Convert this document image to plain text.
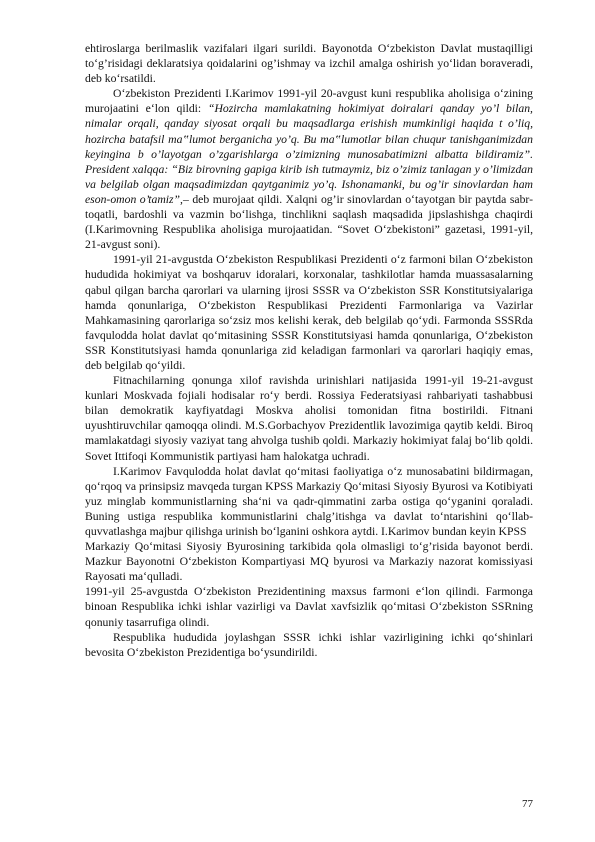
ehtiroslarga berilmaslik vazifalari ilgari surildi. Bayonotda O‘zbekiston Davlat mustaqilligi to‘g’risidagi deklaratsiya qoidalarini og’ishmay va izchil amalga oshirish yo‘lidan boraveradi, deb ko‘rsatildi.

O‘zbekiston Prezidenti I.Karimov 1991-yil 20-avgust kuni respublika aholisiga o‘zining murojaatini e‘lon qildi: “Hozircha mamlakatning hokimiyat doiralari qanday yo’l bilan, nimalar orqali, qanday siyosat orqali bu maqsadlarga erishish mumkinligi haqida t o’liq, hozircha batafsil ma‟lumot berganicha yo’q. Bu ma‟lumotlar bilan chuqur tanishganimizdan keyingina b o’layotgan o’zgarishlarga o’zimizning munosabatimizni albatta bildiramiz”. President xalqqa: “Biz birovning gapiga kirib ish tutmaymiz, biz o’zimiz tanlagan y o’limizdan va belgilab olgan maqsadimizdan qaytganimiz yo’q. Ishonamanki, bu og’ir sinovlardan ham eson-omon o’tamiz”,– deb murojaat qildi. Xalqni og’ir sinovlardan o‘tayotgan bir paytda sabr-toqatli, bardoshli va vazmin bo‘lishga, tinchlikni saqlash maqsadida jipslashishga chaqirdi (I.Karimovning Respublika aholisiga murojaatidan. “Sovet O‘zbekistoni” gazetasi, 1991-yil, 21-avgust soni).

1991-yil 21-avgustda O‘zbekiston Respublikasi Prezidenti o‘z farmoni bilan O‘zbekiston hududida hokimiyat va boshqaruv idoralari, korxonalar, tashkilotlar hamda muassasalarning qabul qilgan barcha qarorlari va ularning ijrosi SSSR va O‘zbekiston SSR Konstitutsiyalariga hamda qonunlariga, O‘zbekiston Respublikasi Prezidenti Farmonlariga va Vazirlar Mahkamasining qarorlariga so‘zsiz mos kelishi kerak, deb belgilab qo‘ydi. Farmonda SSSRda favqulodda holat davlat qo‘mitasining SSSR Konstitutsiyasi hamda qonunlariga, O‘zbekiston SSR Konstitutsiyasi hamda qonunlariga zid keladigan farmonlari va qarorlari haqiqiy emas, deb belgilab qo‘yildi.

Fitnachilarning qonunga xilof ravishda urinishlari natijasida 1991-yil 19-21-avgust kunlari Moskvada fojiali hodisalar ro‘y berdi. Rossiya Federatsiyasi rahbariyati tashabbusi bilan demokratik kayfiyatdagi Moskva aholisi tomonidan fitna bostirildi. Fitnani uyushtiruvchilar qamoqqa olindi. M.S.Gorbachyov Prezidentlik lavozimiga qaytib keldi. Biroq mamlakatdagi siyosiy vaziyat tang ahvolga tushib qoldi. Markaziy hokimiyat falaj bo‘lib qoldi. Sovet Ittifoqi Kommunistik partiyasi ham halokatga uchradi.

I.Karimov Favqulodda holat davlat qo‘mitasi faoliyatiga o‘z munosabatini bildirmagan, qo‘rqoq va prinsipsiz mavqeda turgan KPSS Markaziy Qo‘mitasi Siyosiy Byurosi va Kotibiyati yuz minglab kommunistlarning sha‘ni va qadr-qimmatini zarba ostiga qo‘yganini qoraladi. Buning ustiga respublika kommunistlarini chalg’itishga va davlat to‘ntarishini qo‘llab-quvvatlashga majbur qilishga urinish bo‘lganini oshkora aytdi. I.Karimov bundan keyin KPSS

Markaziy Qo‘mitasi Siyosiy Byurosining tarkibida qola olmasligi to‘g’risida bayonot berdi. Mazkur Bayonotni O‘zbekiston Kompartiyasi MQ byurosi va Markaziy nazorat komissiyasi Rayosati ma‘qulladi.

1991-yil 25-avgustda O‘zbekiston Prezidentining maxsus farmoni e‘lon qilindi. Farmonga binoan Respublika ichki ishlar vazirligi va Davlat xavfsizlik qo‘mitasi O‘zbekiston SSRning qonuniy tasarrufiga olindi.

Respublika hududida joylashgan SSSR ichki ishlar vazirligining ichki qo‘shinlari bevosita O‘zbekiston Prezidentiga bo‘ysundirildi.

77
